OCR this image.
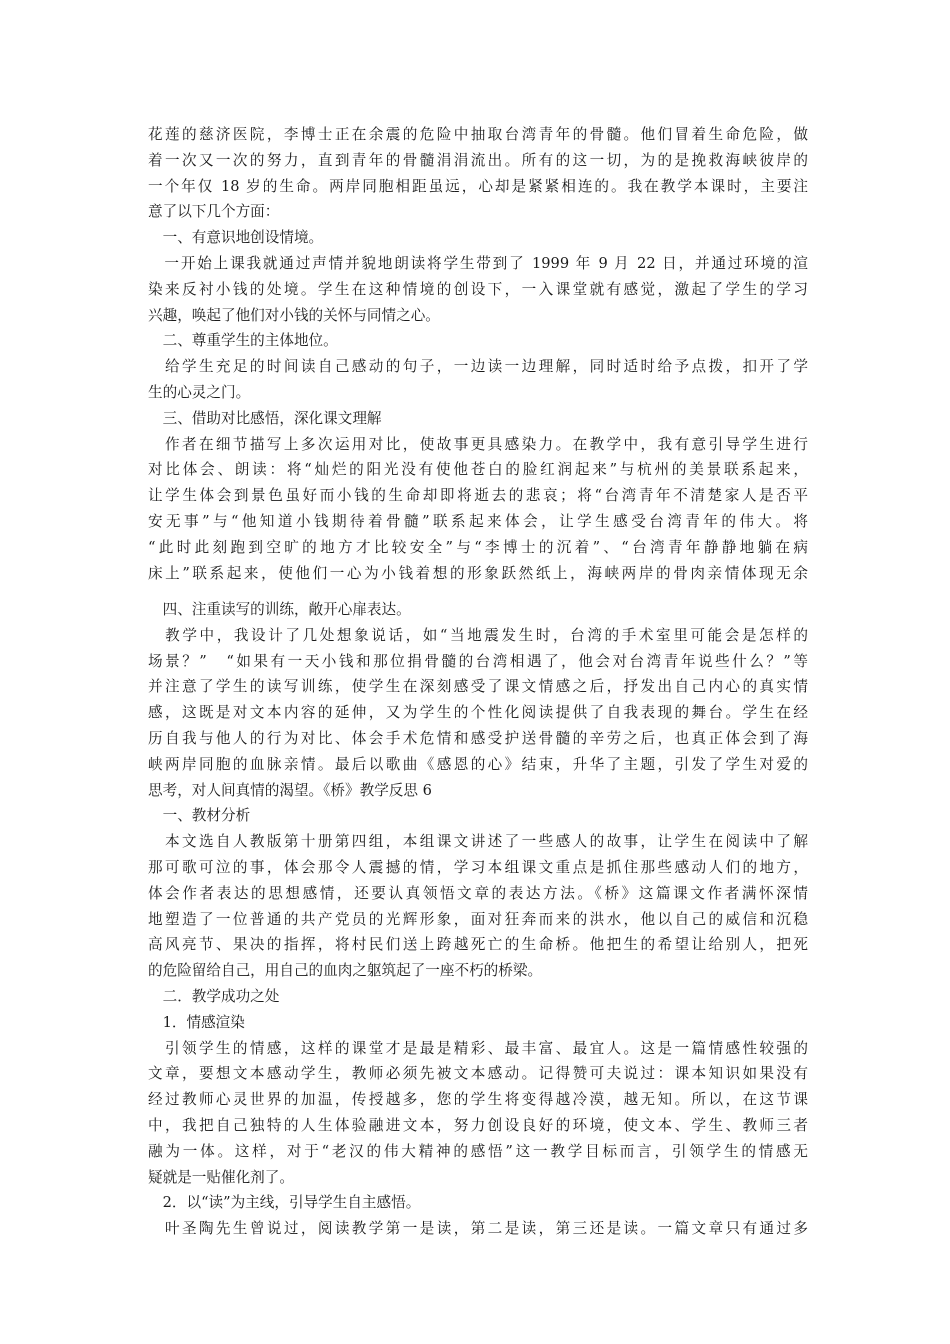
花莲的慈济医院，李博士正在余震的危险中抽取台湾青年的骨髓。他们冒着生命危险，做
着一次又一次的努力，直到青年的骨髓涓涓流出。所有的这一切，为的是挽救海峡彼岸的
一个年仅 18 岁的生命。两岸同胞相距虽远，心却是紧紧相连的。我在教学本课时，主要注
意了以下几个方面：
　一、有意识地创设情境。
　一开始上课我就通过声情并貌地朗读将学生带到了 1999 年 9 月 22 日，并通过环境的渲
染来反衬小钱的处境。学生在这种情境的创设下，一入课堂就有感觉，激起了学生的学习
兴趣，唤起了他们对小钱的关怀与同情之心。
　二、尊重学生的主体地位。
　给学生充足的时间读自己感动的句子，一边读一边理解，同时适时给予点拨，扣开了学
生的心灵之门。
　三、借助对比感悟，深化课文理解
　作者在细节描写上多次运用对比，使故事更具感染力。在教学中，我有意引导学生进行
对比体会、朗读：将“灿烂的阳光没有使他苍白的脸红润起来”与杭州的美景联系起来，
让学生体会到景色虽好而小钱的生命却即将逝去的悲哀；将“台湾青年不清楚家人是否平
安无事”与“他知道小钱期待着骨髓”联系起来体会，让学生感受台湾青年的伟大。将
“此时此刻跑到空旷的地方才比较安全”与“李博士的沉着”、“台湾青年静静地躺在病
床上”联系起来，使他们一心为小钱着想的形象跃然纸上，海峡两岸的骨肉亲情体现无余
　四、注重读写的训练，敞开心扉表达。
　教学中，我设计了几处想象说话，如“当地震发生时，台湾的手术室里可能会是怎样的
场景？”　“如果有一天小钱和那位捐骨髓的台湾相遇了，他会对台湾青年说些什么？”等
并注意了学生的读写训练，使学生在深刻感受了课文情感之后，抒发出自己内心的真实情
感，这既是对文本内容的延伸，又为学生的个性化阅读提供了自我表现的舞台。学生在经
历自我与他人的行为对比、体会手术危情和感受护送骨髓的辛劳之后，也真正体会到了海
峡两岸同胞的血脉亲情。最后以歌曲《感恩的心》结束，升华了主题，引发了学生对爱的
思考，对人间真情的渴望。《桥》教学反思 6
　一、教材分析
　本文选自人教版第十册第四组，本组课文讲述了一些感人的故事，让学生在阅读中了解
那可歌可泣的事，体会那令人震撼的情，学习本组课文重点是抓住那些感动人们的地方，
体会作者表达的思想感情，还要认真领悟文章的表达方法。《桥》这篇课文作者满怀深情
地塑造了一位普通的共产党员的光辉形象，面对狂奔而来的洪水，他以自己的威信和沉稳
高风亮节、果决的指挥，将村民们送上跨越死亡的生命桥。他把生的希望让给别人，把死
的危险留给自己，用自己的血肉之躯筑起了一座不朽的桥梁。
　二．教学成功之处
　1．情感渲染
　引领学生的情感，这样的课堂才是最是精彩、最丰富、最宜人。这是一篇情感性较强的
文章，要想文本感动学生，教师必须先被文本感动。记得赞可夫说过：课本知识如果没有
经过教师心灵世界的加温，传授越多，您的学生将变得越冷漠，越无知。所以，在这节课
中，我把自己独特的人生体验融进文本，努力创设良好的环境，使文本、学生、教师三者
融为一体。这样，对于“老汉的伟大精神的感悟”这一教学目标而言，引领学生的情感无
疑就是一贴催化剂了。
　2．以“读”为主线，引导学生自主感悟。
　叶圣陶先生曾说过，阅读教学第一是读，第二是读，第三还是读。一篇文章只有通过多
